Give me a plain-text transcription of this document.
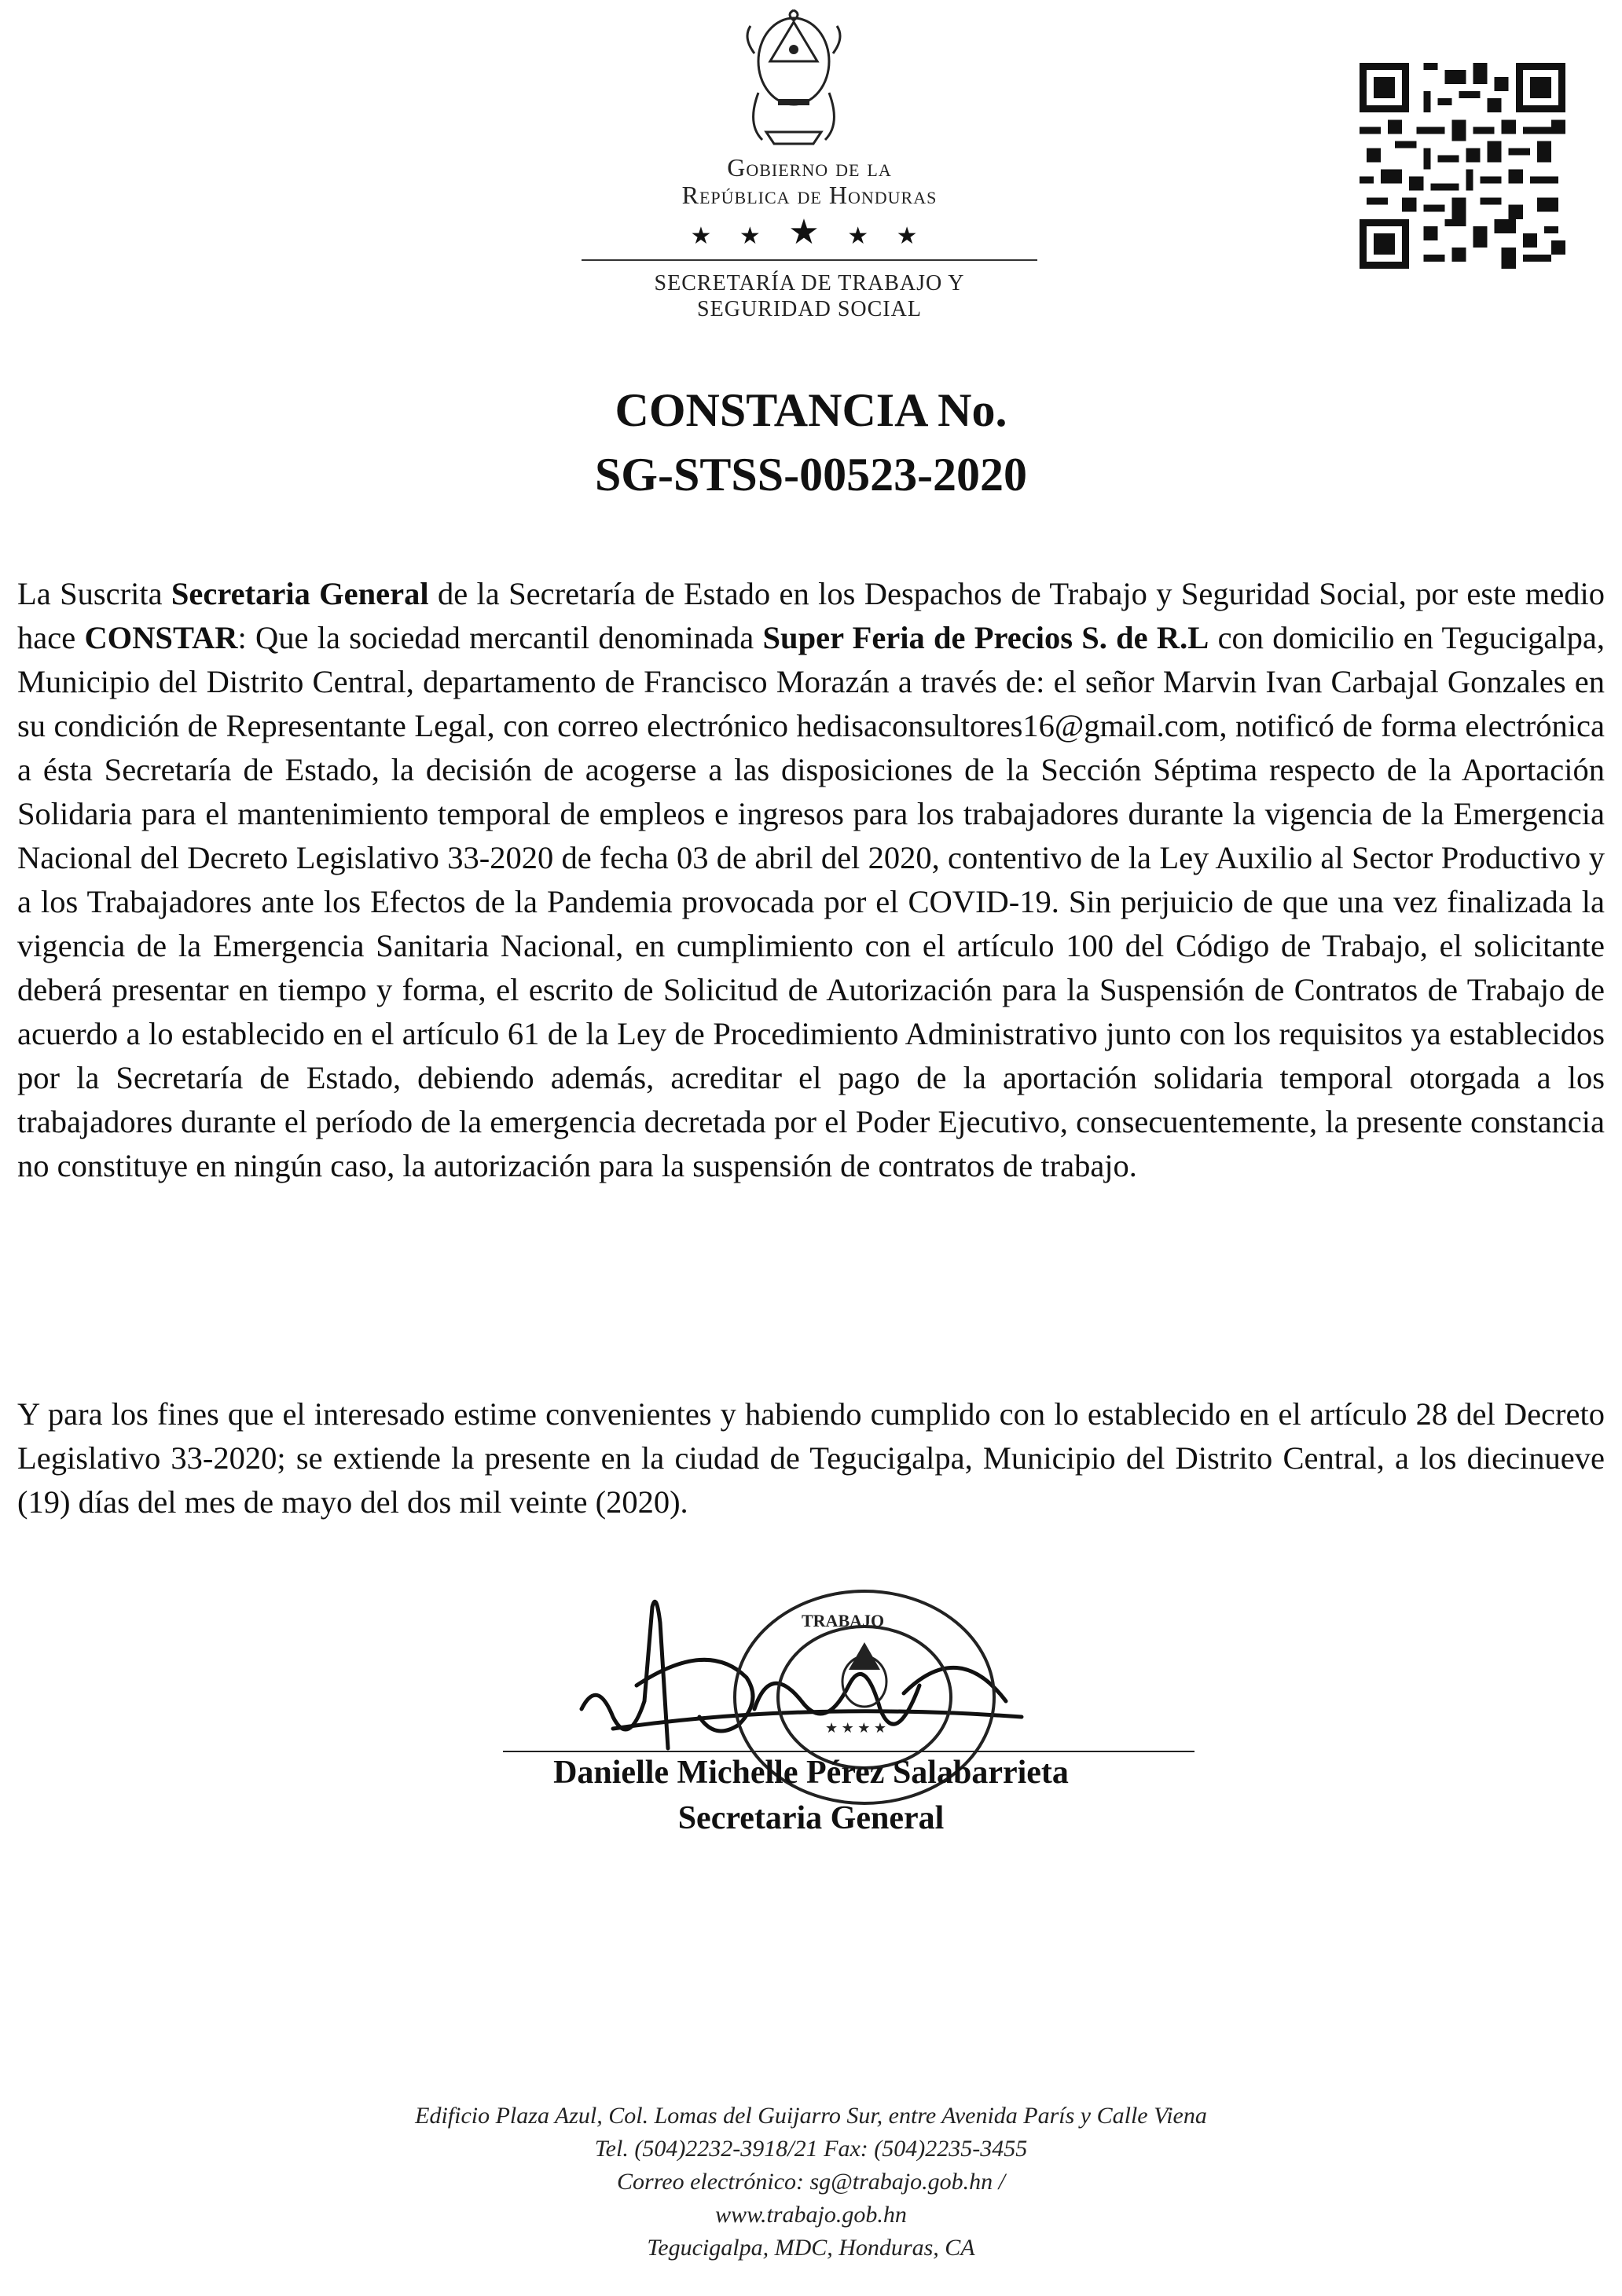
Gobierno de la
República de Honduras
★ ★ ★ ★ ★
SECRETARÍA DE TRABAJO Y
SEGURIDAD SOCIAL
CONSTANCIA No.
SG-STSS-00523-2020
La Suscrita Secretaria General de la Secretaría de Estado en los Despachos de Trabajo y Seguridad Social, por este medio hace CONSTAR: Que la sociedad mercantil denominada Super Feria de Precios S. de R.L con domicilio en Tegucigalpa, Municipio del Distrito Central, departamento de Francisco Morazán a través de: el señor Marvin Ivan Carbajal Gonzales en su condición de Representante Legal, con correo electrónico hedisaconsultores16@gmail.com, notificó de forma electrónica a ésta Secretaría de Estado, la decisión de acogerse a las disposiciones de la Sección Séptima respecto de la Aportación Solidaria para el mantenimiento temporal de empleos e ingresos para los trabajadores durante la vigencia de la Emergencia Nacional del Decreto Legislativo 33-2020 de fecha 03 de abril del 2020, contentivo de la Ley Auxilio al Sector Productivo y a los Trabajadores ante los Efectos de la Pandemia provocada por el COVID-19. Sin perjuicio de que una vez finalizada la vigencia de la Emergencia Sanitaria Nacional, en cumplimiento con el artículo 100 del Código de Trabajo, el solicitante deberá presentar en tiempo y forma, el escrito de Solicitud de Autorización para la Suspensión de Contratos de Trabajo de acuerdo a lo establecido en el artículo 61 de la Ley de Procedimiento Administrativo junto con los requisitos ya establecidos por la Secretaría de Estado, debiendo además, acreditar el pago de la aportación solidaria temporal otorgada a los trabajadores durante el período de la emergencia decretada por el Poder Ejecutivo, consecuentemente, la presente constancia no constituye en ningún caso, la autorización para la suspensión de contratos de trabajo.
Y para los fines que el interesado estime convenientes y habiendo cumplido con lo establecido en el artículo 28 del Decreto Legislativo 33-2020; se extiende la presente en la ciudad de Tegucigalpa, Municipio del Distrito Central, a los diecinueve (19) días del mes de mayo del dos mil veinte (2020).
TRABAJO
★ ★ ★ ★
Danielle Michelle Pérez Salabarrieta
Secretaria General
Edificio Plaza Azul, Col. Lomas del Guijarro Sur, entre Avenida París y Calle Viena
Tel. (504)2232-3918/21 Fax: (504)2235-3455
Correo electrónico: sg@trabajo.gob.hn /
www.trabajo.gob.hn
Tegucigalpa, MDC, Honduras, CA
